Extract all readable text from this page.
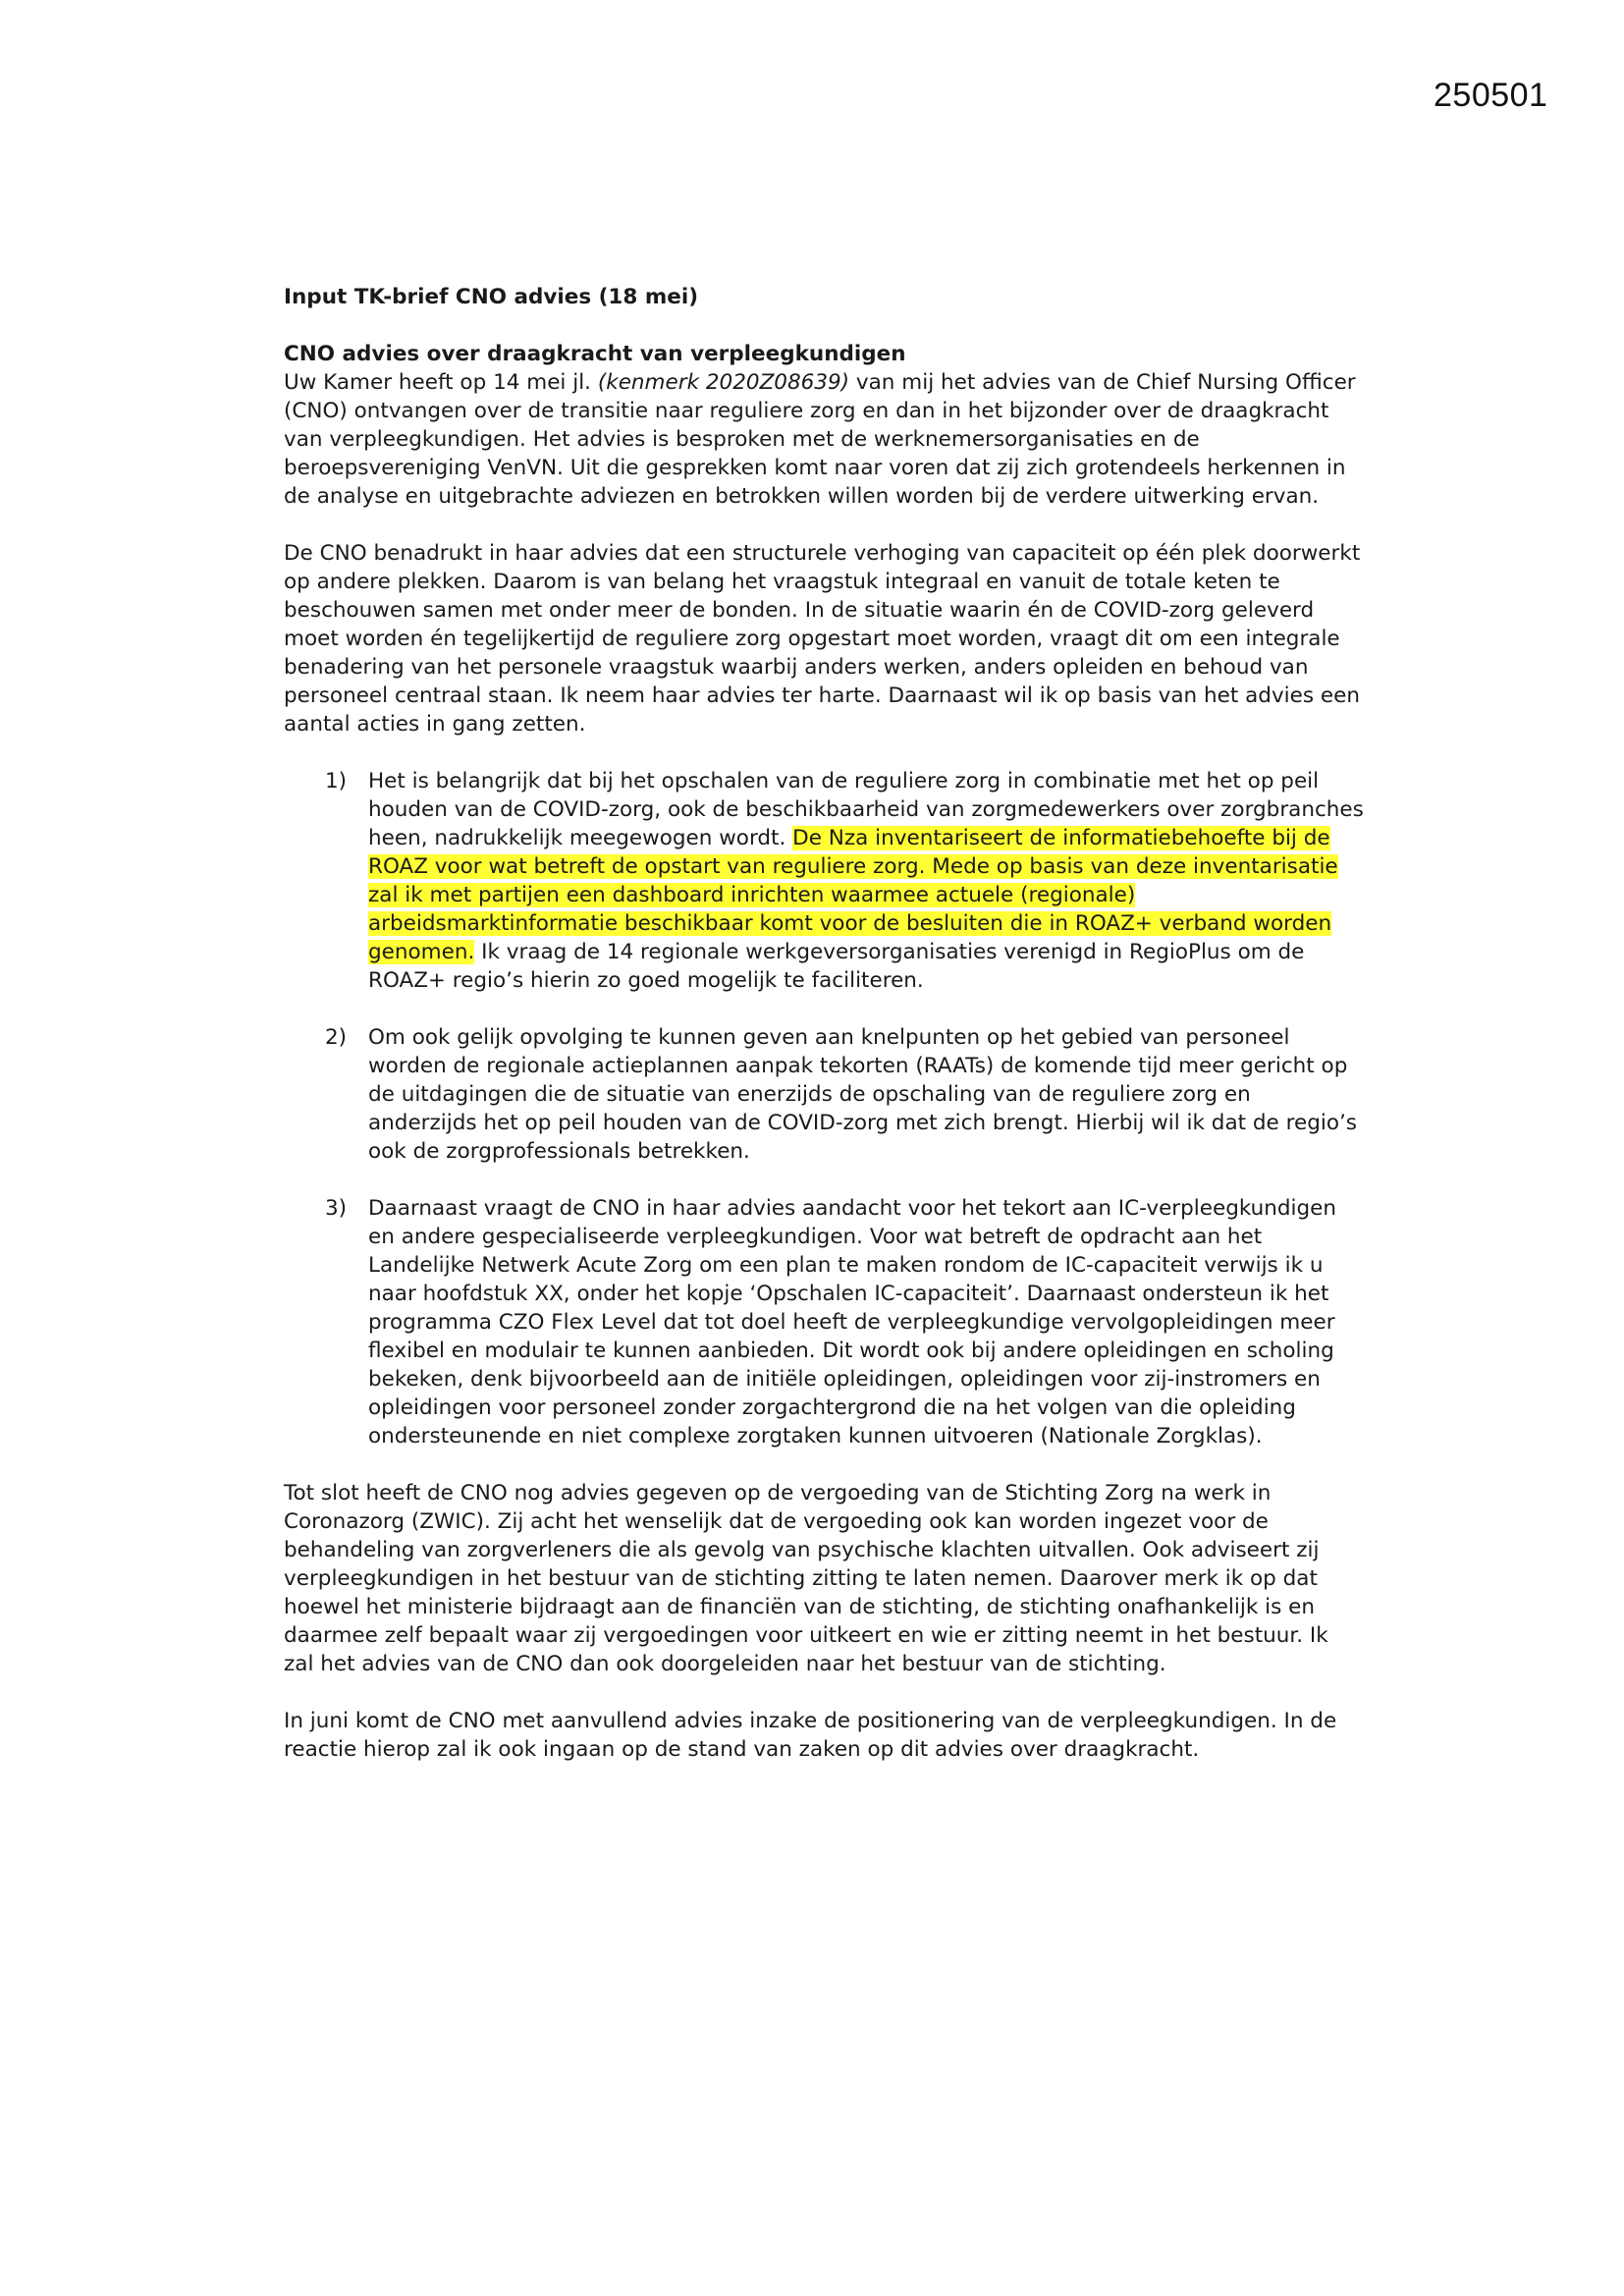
250501
Input TK-brief CNO advies (18 mei)
CNO advies over draagkracht van verpleegkundigen

Uw Kamer heeft op 14 mei jl. (kenmerk 2020Z08639) van mij het advies van de Chief Nursing Officer (CNO) ontvangen over de transitie naar reguliere zorg en dan in het bijzonder over de draagkracht van verpleegkundigen. Het advies is besproken met de werknemersorganisaties en de beroepsvereniging VenVN. Uit die gesprekken komt naar voren dat zij zich grotendeels herkennen in de analyse en uitgebrachte adviezen en betrokken willen worden bij de verdere uitwerking ervan.

De CNO benadrukt in haar advies dat een structurele verhoging van capaciteit op één plek doorwerkt op andere plekken. Daarom is van belang het vraagstuk integraal en vanuit de totale keten te beschouwen samen met onder meer de bonden. In de situatie waarin én de COVID-zorg geleverd moet worden én tegelijkertijd de reguliere zorg opgestart moet worden, vraagt dit om een integrale benadering van het personele vraagstuk waarbij anders werken, anders opleiden en behoud van personeel centraal staan. Ik neem haar advies ter harte. Daarnaast wil ik op basis van het advies een aantal acties in gang zetten.

1) Het is belangrijk dat bij het opschalen van de reguliere zorg in combinatie met het op peil houden van de COVID-zorg, ook de beschikbaarheid van zorgmedewerkers over zorgbranches heen, nadrukkelijk meegewogen wordt. De Nza inventariseert de informatiebehoefte bij de ROAZ voor wat betreft de opstart van reguliere zorg. Mede op basis van deze inventarisatie zal ik met partijen een dashboard inrichten waarmee actuele (regionale) arbeidsmarktinformatie beschikbaar komt voor de besluiten die in ROAZ+ verband worden genomen. Ik vraag de 14 regionale werkgeversorganisaties verenigd in RegioPlus om de ROAZ+ regio’s hierin zo goed mogelijk te faciliteren.
2) Om ook gelijk opvolging te kunnen geven aan knelpunten op het gebied van personeel worden de regionale actieplannen aanpak tekorten (RAATs) de komende tijd meer gericht op de uitdagingen die de situatie van enerzijds de opschaling van de reguliere zorg en anderzijds het op peil houden van de COVID-zorg met zich brengt. Hierbij wil ik dat de regio’s ook de zorgprofessionals betrekken.
3) Daarnaast vraagt de CNO in haar advies aandacht voor het tekort aan IC-verpleegkundigen en andere gespecialiseerde verpleegkundigen. Voor wat betreft de opdracht aan het Landelijke Netwerk Acute Zorg om een plan te maken rondom de IC-capaciteit verwijs ik u naar hoofdstuk XX, onder het kopje ‘Opschalen IC-capaciteit’. Daarnaast ondersteun ik het programma CZO Flex Level dat tot doel heeft de verpleegkundige vervolgopleidingen meer flexibel en modulair te kunnen aanbieden. Dit wordt ook bij andere opleidingen en scholing bekeken, denk bijvoorbeeld aan de initiële opleidingen, opleidingen voor zij-instromers en opleidingen voor personeel zonder zorgachtergrond die na het volgen van die opleiding ondersteunende en niet complexe zorgtaken kunnen uitvoeren (Nationale Zorgklas).

Tot slot heeft de CNO nog advies gegeven op de vergoeding van de Stichting Zorg na werk in Coronazorg (ZWIC). Zij acht het wenselijk dat de vergoeding ook kan worden ingezet voor de behandeling van zorgverleners die als gevolg van psychische klachten uitvallen. Ook adviseert zij verpleegkundigen in het bestuur van de stichting zitting te laten nemen. Daarover merk ik op dat hoewel het ministerie bijdraagt aan de financiën van de stichting, de stichting onafhankelijk is en daarmee zelf bepaalt waar zij vergoedingen voor uitkeert en wie er zitting neemt in het bestuur. Ik zal het advies van de CNO dan ook doorgeleiden naar het bestuur van de stichting.

In juni komt de CNO met aanvullend advies inzake de positionering van de verpleegkundigen. In de reactie hierop zal ik ook ingaan op de stand van zaken op dit advies over draagkracht.
